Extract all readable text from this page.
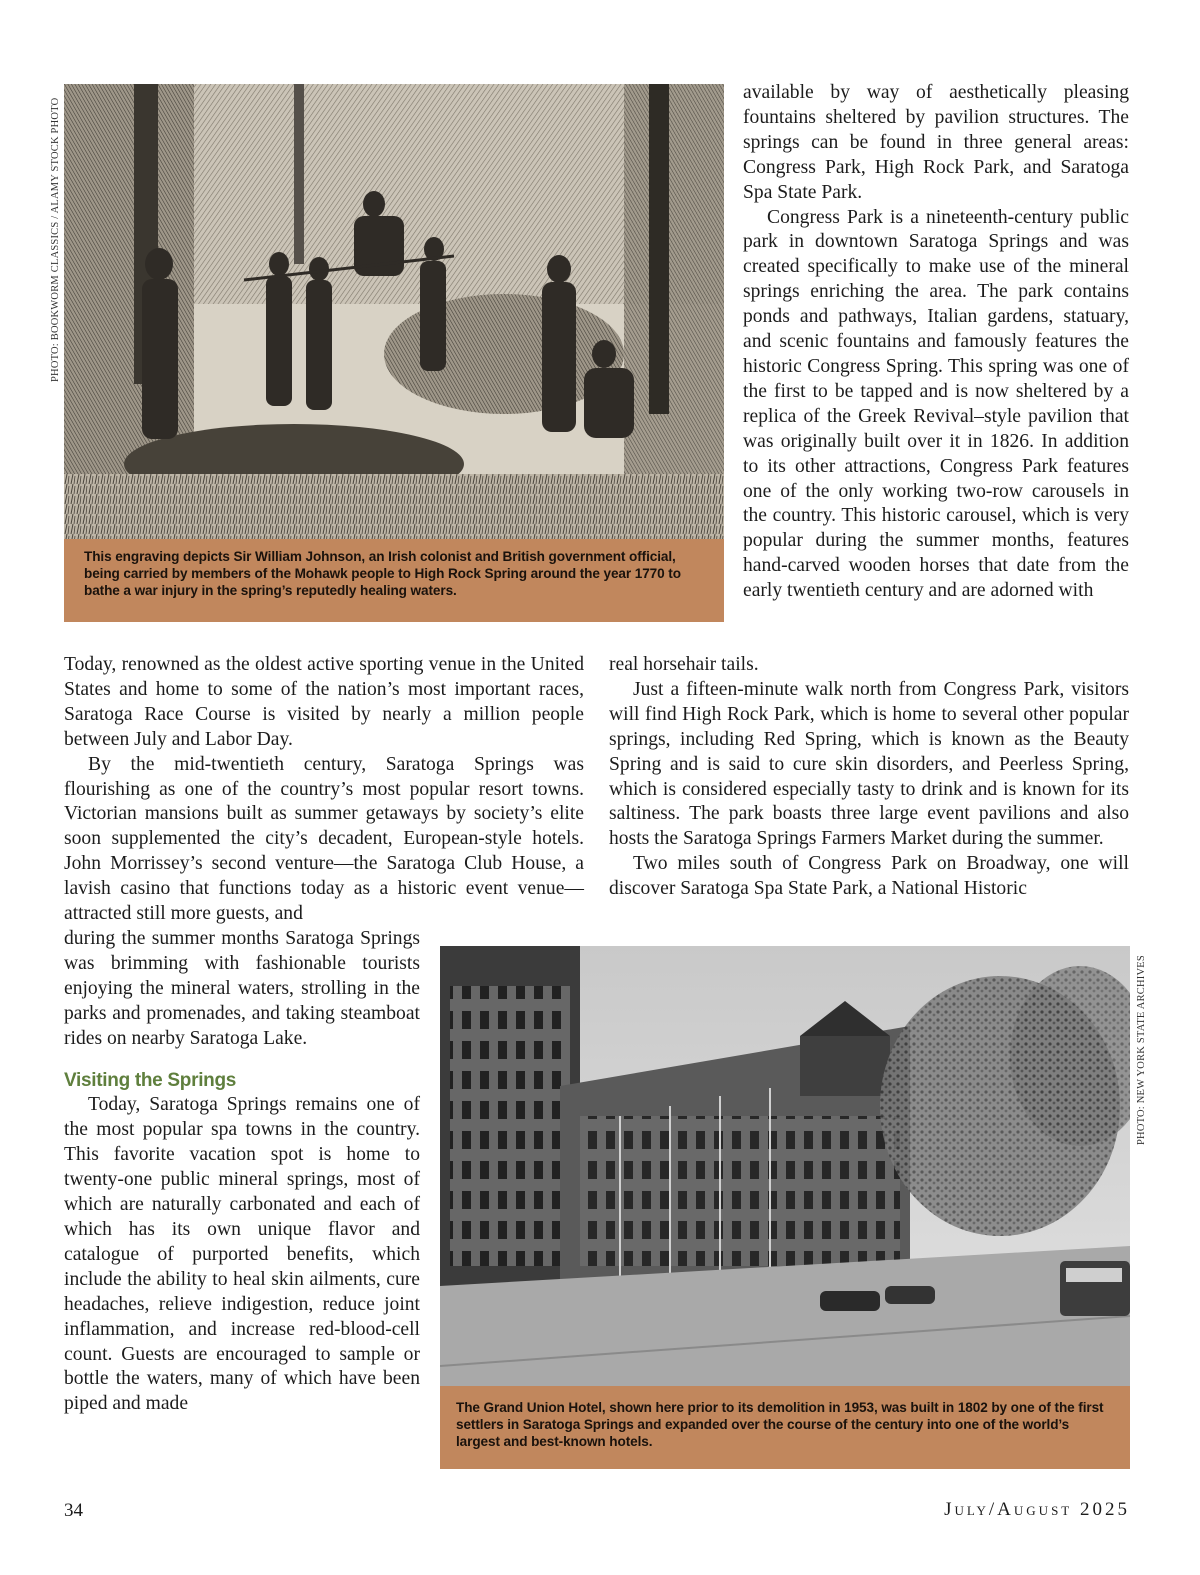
PHOTO: BOOKWORM CLASSICS / ALAMY STOCK PHOTO
This engraving depicts Sir William Johnson, an Irish colonist and British government official, being carried by members of the Mohawk people to High Rock Spring around the year 1770 to bathe a war injury in the spring’s reputedly healing waters.

available by way of aesthetically pleasing fountains sheltered by pavilion structures. The springs can be found in three general areas: Congress Park, High Rock Park, and Saratoga Spa State Park.

Congress Park is a nineteenth-century public park in downtown Saratoga Springs and was created specifically to make use of the mineral springs enriching the area. The park contains ponds and pathways, Italian gardens, statuary, and scenic fountains and famously features the historic Congress Spring. This spring was one of the first to be tapped and is now sheltered by a replica of the Greek Revival–style pavilion that was originally built over it in 1826. In addition to its other attractions, Congress Park features one of the only working two-row carousels in the country. This historic carousel, which is very popular during the summer months, features hand-carved wooden horses that date from the early twentieth century and are adorned with

Today, renowned as the oldest active sporting venue in the United States and home to some of the nation’s most important races, Saratoga Race Course is visited by nearly a million people between July and Labor Day.

By the mid-twentieth century, Saratoga Springs was flourishing as one of the country’s most popular resort towns. Victorian mansions built as summer getaways by society’s elite soon supplemented the city’s decadent, European-style hotels. John Morrissey’s second venture—the Saratoga Club House, a lavish casino that functions today as a historic event venue—attracted still more guests, and

real horsehair tails.

Just a fifteen-minute walk north from Congress Park, visitors will find High Rock Park, which is home to several other popular springs, including Red Spring, which is known as the Beauty Spring and is said to cure skin disorders, and Peerless Spring, which is considered especially tasty to drink and is known for its saltiness. The park boasts three large event pavilions and also hosts the Saratoga Springs Farmers Market during the summer.

Two miles south of Congress Park on Broadway, one will discover Saratoga Spa State Park, a National Historic

during the summer months Saratoga Springs was brimming with fashionable tourists enjoying the mineral waters, strolling in the parks and promenades, and taking steamboat rides on nearby Saratoga Lake.

Visiting the Springs

Today, Saratoga Springs remains one of the most popular spa towns in the country. This favorite vacation spot is home to twenty-one public mineral springs, most of which are naturally carbonated and each of which has its own unique flavor and catalogue of purported benefits, which include the ability to heal skin ailments, cure headaches, relieve indigestion, reduce joint inflammation, and increase red-blood-cell count. Guests are encouraged to sample or bottle the waters, many of which have been piped and made

PHOTO: NEW YORK STATE ARCHIVES
The Grand Union Hotel, shown here prior to its demolition in 1953, was built in 1802 by one of the first settlers in Saratoga Springs and expanded over the course of the century into one of the world’s largest and best-known hotels.
34	July/August 2025
